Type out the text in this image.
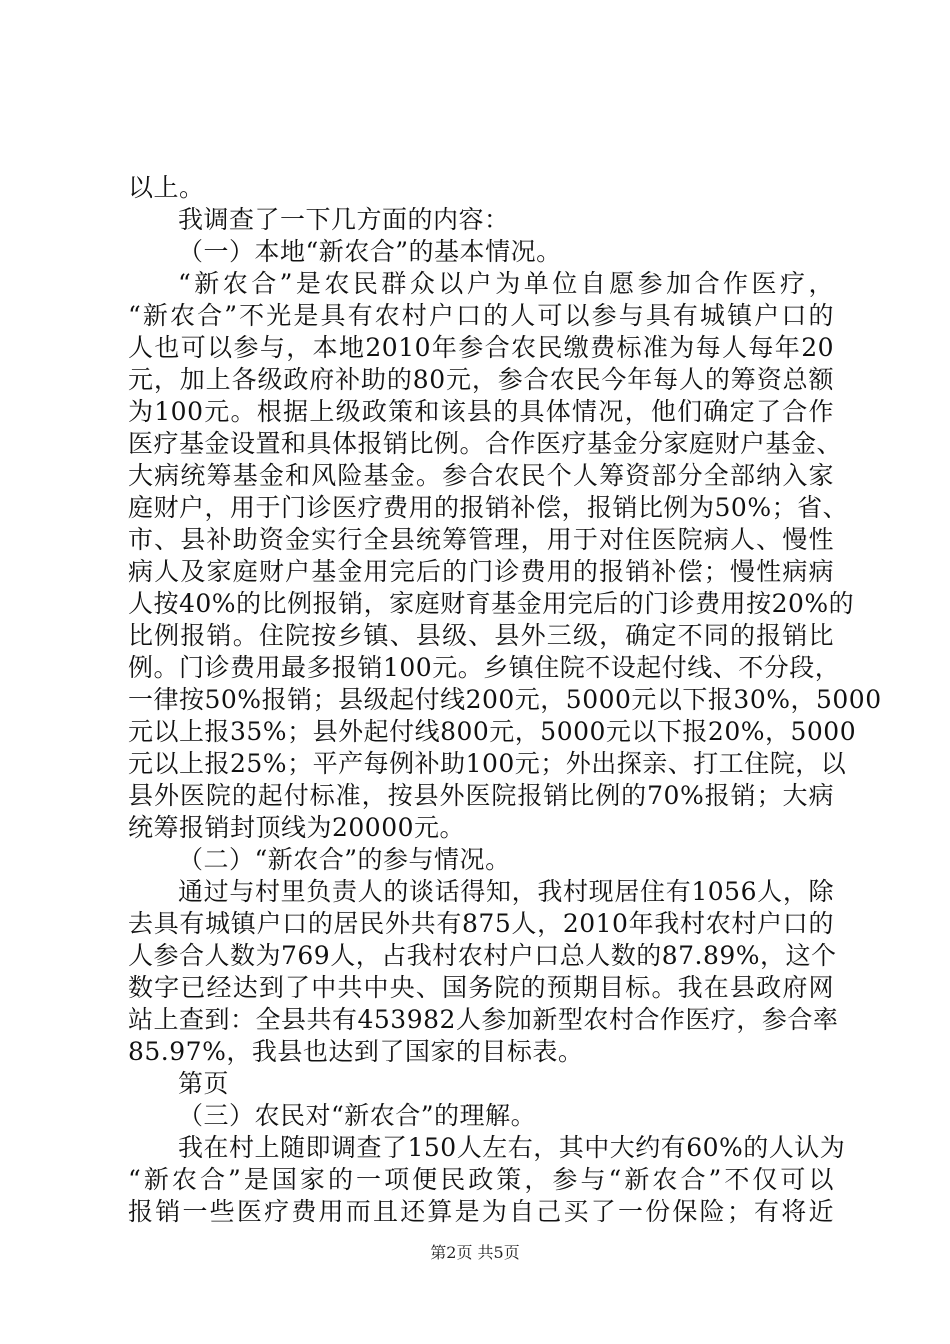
以上。
我调查了一下几方面的内容：
（一）本地“新农合”的基本情况。
“新农合”是农民群众以户为单位自愿参加合作医疗，
“新农合”不光是具有农村户口的人可以参与具有城镇户口的
人也可以参与，本地2010年参合农民缴费标准为每人每年20
元，加上各级政府补助的80元，参合农民今年每人的筹资总额
为100元。根据上级政策和该县的具体情况，他们确定了合作
医疗基金设置和具体报销比例。合作医疗基金分家庭财户基金、
大病统筹基金和风险基金。参合农民个人筹资部分全部纳入家
庭财户，用于门诊医疗费用的报销补偿，报销比例为50%；省、
市、县补助资金实行全县统筹管理，用于对住医院病人、慢性
病人及家庭财户基金用完后的门诊费用的报销补偿；慢性病病
人按40%的比例报销，家庭财育基金用完后的门诊费用按20%的
比例报销。住院按乡镇、县级、县外三级，确定不同的报销比
例。门诊费用最多报销100元。乡镇住院不设起付线、不分段，
一律按50%报销；县级起付线200元，5000元以下报30%，5000
元以上报35%；县外起付线800元，5000元以下报20%，5000
元以上报25%；平产每例补助100元；外出探亲、打工住院，以
县外医院的起付标准，按县外医院报销比例的70%报销；大病
统筹报销封顶线为20000元。
（二）“新农合”的参与情况。
通过与村里负责人的谈话得知，我村现居住有1056人，除
去具有城镇户口的居民外共有875人，2010年我村农村户口的
人参合人数为769人，占我村农村户口总人数的87.89%，这个
数字已经达到了中共中央、国务院的预期目标。我在县政府网
站上查到：全县共有453982人参加新型农村合作医疗，参合率
85.97%，我县也达到了国家的目标表。
第页
（三）农民对“新农合”的理解。
我在村上随即调查了150人左右，其中大约有60%的人认为
“新农合”是国家的一项便民政策，参与“新农合”不仅可以
报销一些医疗费用而且还算是为自己买了一份保险；有将近
第2页 共5页
